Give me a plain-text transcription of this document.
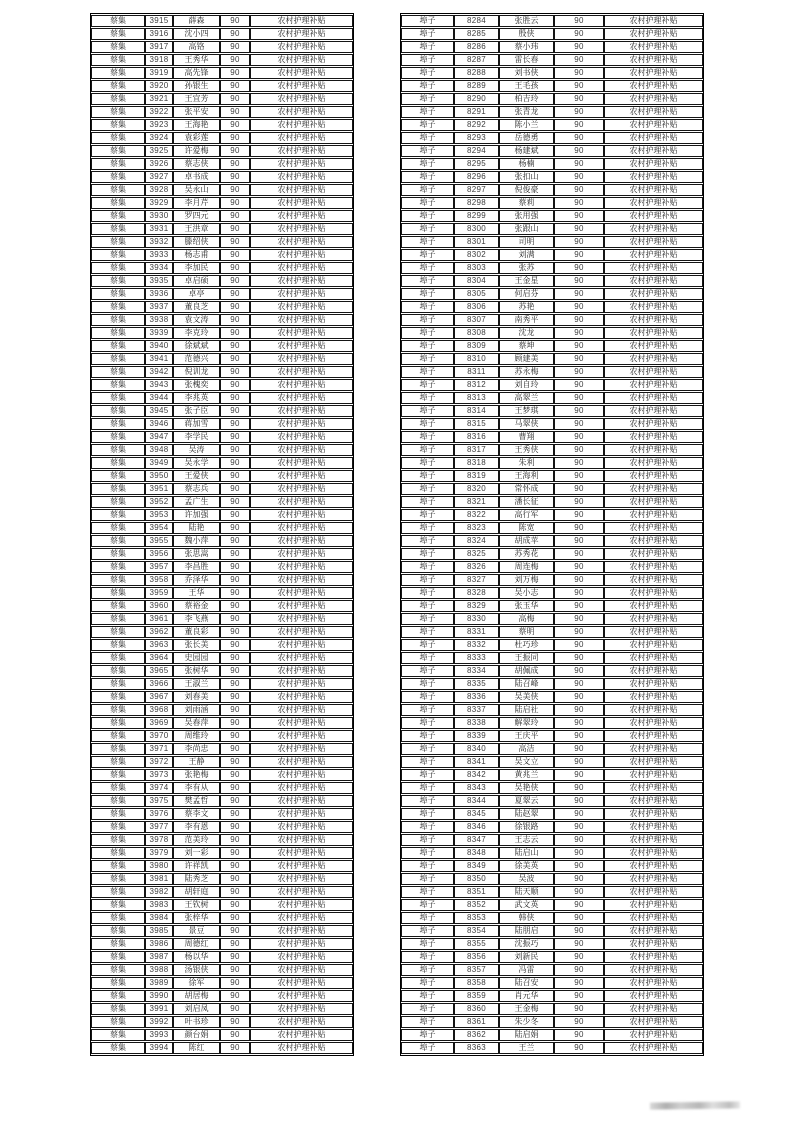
蔡集	3915	薛森	90	农村护理补贴
蔡集	3916	沈小四	90	农村护理补贴
蔡集	3917	高铬	90	农村护理补贴
蔡集	3918	王秀华	90	农村护理补贴
蔡集	3919	高先锋	90	农村护理补贴
蔡集	3920	孙银生	90	农村护理补贴
蔡集	3921	王宜芳	90	农村护理补贴
蔡集	3922	张平安	90	农村护理补贴
蔡集	3923	王海艳	90	农村护理补贴
蔡集	3924	袁彩莲	90	农村护理补贴
蔡集	3925	许爱梅	90	农村护理补贴
蔡集	3926	蔡志侠	90	农村护理补贴
蔡集	3927	卓书成	90	农村护理补贴
蔡集	3928	吴永山	90	农村护理补贴
蔡集	3929	李月芹	90	农村护理补贴
蔡集	3930	罗四元	90	农村护理补贴
蔡集	3931	王洪章	90	农村护理补贴
蔡集	3932	滕绍侠	90	农村护理补贴
蔡集	3933	杨志甫	90	农村护理补贴
蔡集	3934	李加民	90	农村护理补贴
蔡集	3935	卓启硕	90	农村护理补贴
蔡集	3936	卓亭	90	农村护理补贴
蔡集	3937	董良芝	90	农村护理补贴
蔡集	3938	袁文涛	90	农村护理补贴
蔡集	3939	李克玲	90	农村护理补贴
蔡集	3940	徐斌斌	90	农村护理补贴
蔡集	3941	范德兴	90	农村护理补贴
蔡集	3942	倪训龙	90	农村护理补贴
蔡集	3943	张槐奕	90	农村护理补贴
蔡集	3944	李兆英	90	农村护理补贴
蔡集	3945	张子臣	90	农村护理补贴
蔡集	3946	蒋加雪	90	农村护理补贴
蔡集	3947	李学民	90	农村护理补贴
蔡集	3948	吴涛	90	农村护理补贴
蔡集	3949	吴永学	90	农村护理补贴
蔡集	3950	王爱侠	90	农村护理补贴
蔡集	3951	蔡志兵	90	农村护理补贴
蔡集	3952	孟广生	90	农村护理补贴
蔡集	3953	许加强	90	农村护理补贴
蔡集	3954	陆艳	90	农村护理补贴
蔡集	3955	魏小萍	90	农村护理补贴
蔡集	3956	张思嵩	90	农村护理补贴
蔡集	3957	李昌胜	90	农村护理补贴
蔡集	3958	乔泽华	90	农村护理补贴
蔡集	3959	王华	90	农村护理补贴
蔡集	3960	蔡裕金	90	农村护理补贴
蔡集	3961	李飞燕	90	农村护理补贴
蔡集	3962	董良彩	90	农村护理补贴
蔡集	3963	张长美	90	农村护理补贴
蔡集	3964	史园园	90	农村护理补贴
蔡集	3965	张树华	90	农村护理补贴
蔡集	3966	王淑兰	90	农村护理补贴
蔡集	3967	刘春美	90	农村护理补贴
蔡集	3968	刘雨涵	90	农村护理补贴
蔡集	3969	吴春萍	90	农村护理补贴
蔡集	3970	周维玲	90	农村护理补贴
蔡集	3971	李尚忠	90	农村护理补贴
蔡集	3972	王静	90	农村护理补贴
蔡集	3973	张艳梅	90	农村护理补贴
蔡集	3974	李有从	90	农村护理补贴
蔡集	3975	樊孟哲	90	农村护理补贴
蔡集	3976	蔡李文	90	农村护理补贴
蔡集	3977	李有恩	90	农村护理补贴
蔡集	3978	范美玲	90	农村护理补贴
蔡集	3979	刘一彩	90	农村护理补贴
蔡集	3980	许祥凯	90	农村护理补贴
蔡集	3981	陆秀芝	90	农村护理补贴
蔡集	3982	胡轩庭	90	农村护理补贴
蔡集	3983	王钦树	90	农村护理补贴
蔡集	3984	张梓华	90	农村护理补贴
蔡集	3985	景豆	90	农村护理补贴
蔡集	3986	周德红	90	农村护理补贴
蔡集	3987	杨以华	90	农村护理补贴
蔡集	3988	汤银侠	90	农村护理补贴
蔡集	3989	徐军	90	农村护理补贴
蔡集	3990	胡居梅	90	农村护理补贴
蔡集	3991	刘启凤	90	农村护理补贴
蔡集	3992	叶书珍	90	农村护理补贴
蔡集	3993	颜台娟	90	农村护理补贴
蔡集	3994	陈红	90	农村护理补贴
埠子	8284	张胜云	90	农村护理补贴
埠子	8285	殷侠	90	农村护理补贴
埠子	8286	蔡小玮	90	农村护理补贴
埠子	8287	雷长春	90	农村护理补贴
埠子	8288	刘书侠	90	农村护理补贴
埠子	8289	王毛孩	90	农村护理补贴
埠子	8290	柏吉玲	90	农村护理补贴
埠子	8291	张青龙	90	农村护理补贴
埠子	8292	陈小兰	90	农村护理补贴
埠子	8293	岳德勇	90	农村护理补贴
埠子	8294	杨建斌	90	农村护理补贴
埠子	8295	杨楠	90	农村护理补贴
埠子	8296	张扣山	90	农村护理补贴
埠子	8297	倪俊豪	90	农村护理补贴
埠子	8298	蔡莉	90	农村护理补贴
埠子	8299	张用强	90	农村护理补贴
埠子	8300	张跟山	90	农村护理补贴
埠子	8301	司明	90	农村护理补贴
埠子	8302	刘满	90	农村护理补贴
埠子	8303	张苏	90	农村护理补贴
埠子	8304	王金星	90	农村护理补贴
埠子	8305	何启芬	90	农村护理补贴
埠子	8306	苏艳	90	农村护理补贴
埠子	8307	南秀平	90	农村护理补贴
埠子	8308	沈龙	90	农村护理补贴
埠子	8309	蔡坤	90	农村护理补贴
埠子	8310	顾建美	90	农村护理补贴
埠子	8311	苏永梅	90	农村护理补贴
埠子	8312	刘自玲	90	农村护理补贴
埠子	8313	高翠兰	90	农村护理补贴
埠子	8314	王梦琪	90	农村护理补贴
埠子	8315	马翠侠	90	农村护理补贴
埠子	8316	曹翔	90	农村护理补贴
埠子	8317	王秀侠	90	农村护理补贴
埠子	8318	朱利	90	农村护理补贴
埠子	8319	王海利	90	农村护理补贴
埠子	8320	常怀成	90	农村护理补贴
埠子	8321	潘长征	90	农村护理补贴
埠子	8322	高行军	90	农村护理补贴
埠子	8323	陈宽	90	农村护理补贴
埠子	8324	胡成苹	90	农村护理补贴
埠子	8325	苏秀花	90	农村护理补贴
埠子	8326	周连梅	90	农村护理补贴
埠子	8327	刘万梅	90	农村护理补贴
埠子	8328	吴小志	90	农村护理补贴
埠子	8329	张玉华	90	农村护理补贴
埠子	8330	高梅	90	农村护理补贴
埠子	8331	蔡明	90	农村护理补贴
埠子	8332	杜巧珍	90	农村护理补贴
埠子	8333	王振同	90	农村护理补贴
埠子	8334	胡佩成	90	农村护理补贴
埠子	8335	陆召峰	90	农村护理补贴
埠子	8336	吴美侠	90	农村护理补贴
埠子	8337	陆启社	90	农村护理补贴
埠子	8338	解翠玲	90	农村护理补贴
埠子	8339	王庆平	90	农村护理补贴
埠子	8340	高洁	90	农村护理补贴
埠子	8341	吴文立	90	农村护理补贴
埠子	8342	黄兆兰	90	农村护理补贴
埠子	8343	吴艳侠	90	农村护理补贴
埠子	8344	夏翠云	90	农村护理补贴
埠子	8345	陆赵翠	90	农村护理补贴
埠子	8346	徐银路	90	农村护理补贴
埠子	8347	王志云	90	农村护理补贴
埠子	8348	陆启山	90	农村护理补贴
埠子	8349	徐美英	90	农村护理补贴
埠子	8350	吴波	90	农村护理补贴
埠子	8351	陆天顺	90	农村护理补贴
埠子	8352	武文英	90	农村护理补贴
埠子	8353	韩侠	90	农村护理补贴
埠子	8354	陆朋启	90	农村护理补贴
埠子	8355	沈振巧	90	农村护理补贴
埠子	8356	刘新民	90	农村护理补贴
埠子	8357	冯雷	90	农村护理补贴
埠子	8358	陆召安	90	农村护理补贴
埠子	8359	肖元华	90	农村护理补贴
埠子	8360	王金梅	90	农村护理补贴
埠子	8361	朱少冬	90	农村护理补贴
埠子	8362	陆启娟	90	农村护理补贴
埠子	8363	王兰	90	农村护理补贴
